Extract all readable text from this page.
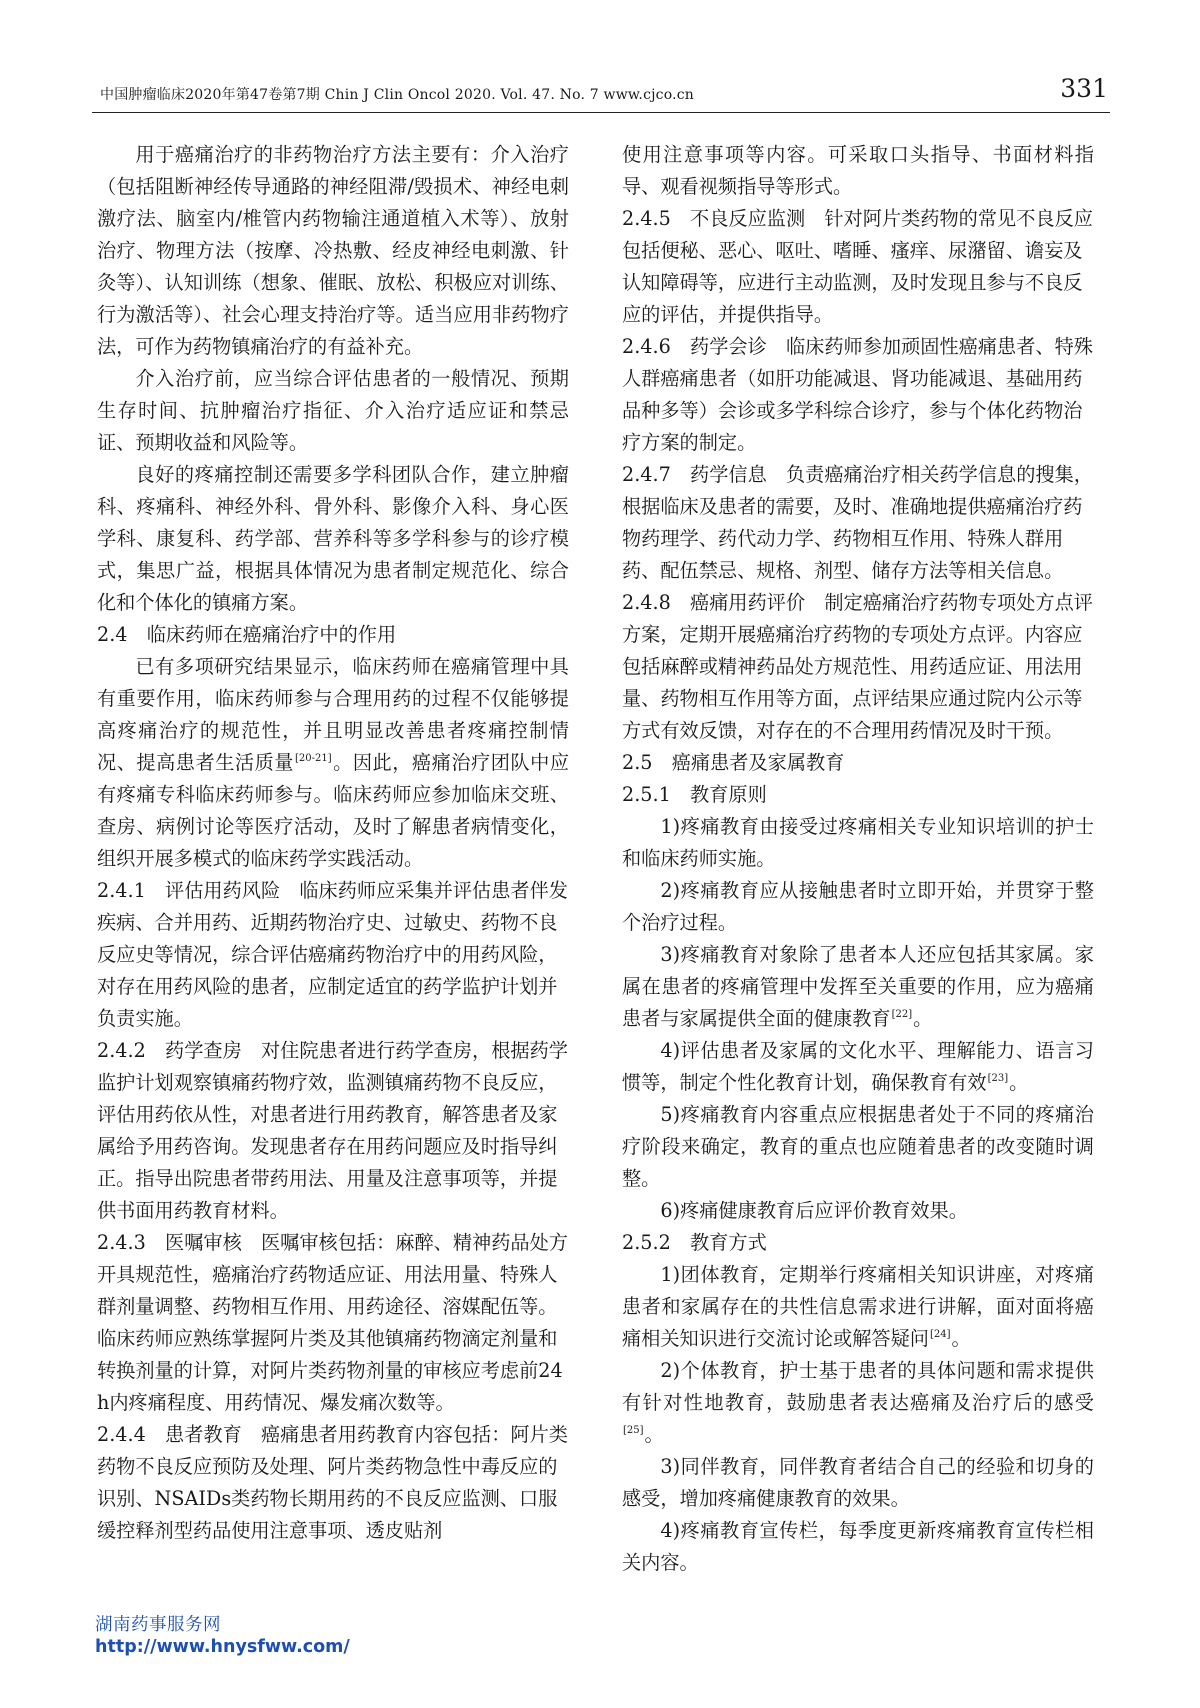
中国肿瘤临床2020年第47卷第7期 Chin J Clin Oncol 2020. Vol. 47. No. 7 www.cjco.cn	331

用于癌痛治疗的非药物治疗方法主要有：介入治疗（包括阻断神经传导通路的神经阻滞/毁损术、神经电刺激疗法、脑室内/椎管内药物输注通道植入术等）、放射治疗、物理方法（按摩、冷热敷、经皮神经电刺激、针灸等）、认知训练（想象、催眠、放松、积极应对训练、行为激活等）、社会心理支持治疗等。适当应用非药物疗法，可作为药物镇痛治疗的有益补充。

介入治疗前，应当综合评估患者的一般情况、预期生存时间、抗肿瘤治疗指征、介入治疗适应证和禁忌证、预期收益和风险等。

良好的疼痛控制还需要多学科团队合作，建立肿瘤科、疼痛科、神经外科、骨外科、影像介入科、身心医学科、康复科、药学部、营养科等多学科参与的诊疗模式，集思广益，根据具体情况为患者制定规范化、综合化和个体化的镇痛方案。

2.4 临床药师在癌痛治疗中的作用

已有多项研究结果显示，临床药师在癌痛管理中具有重要作用，临床药师参与合理用药的过程不仅能够提高疼痛治疗的规范性，并且明显改善患者疼痛控制情况、提高患者生活质量[20-21]。因此，癌痛治疗团队中应有疼痛专科临床药师参与。临床药师应参加临床交班、查房、病例讨论等医疗活动，及时了解患者病情变化，组织开展多模式的临床药学实践活动。

2.4.1 评估用药风险 临床药师应采集并评估患者伴发疾病、合并用药、近期药物治疗史、过敏史、药物不良反应史等情况，综合评估癌痛药物治疗中的用药风险，对存在用药风险的患者，应制定适宜的药学监护计划并负责实施。

2.4.2 药学查房 对住院患者进行药学查房，根据药学监护计划观察镇痛药物疗效，监测镇痛药物不良反应，评估用药依从性，对患者进行用药教育，解答患者及家属给予用药咨询。发现患者存在用药问题应及时指导纠正。指导出院患者带药用法、用量及注意事项等，并提供书面用药教育材料。

2.4.3 医嘱审核 医嘱审核包括：麻醉、精神药品处方开具规范性，癌痛治疗药物适应证、用法用量、特殊人群剂量调整、药物相互作用、用药途径、溶媒配伍等。临床药师应熟练掌握阿片类及其他镇痛药物滴定剂量和转换剂量的计算，对阿片类药物剂量的审核应考虑前24 h内疼痛程度、用药情况、爆发痛次数等。

2.4.4 患者教育 癌痛患者用药教育内容包括：阿片类药物不良反应预防及处理、阿片类药物急性中毒反应的识别、NSAIDs类药物长期用药的不良反应监测、口服缓控释剂型药品使用注意事项、透皮贴剂

使用注意事项等内容。可采取口头指导、书面材料指导、观看视频指导等形式。

2.4.5 不良反应监测 针对阿片类药物的常见不良反应包括便秘、恶心、呕吐、嗜睡、瘙痒、尿潴留、谵妄及认知障碍等，应进行主动监测，及时发现且参与不良反应的评估，并提供指导。

2.4.6 药学会诊 临床药师参加顽固性癌痛患者、特殊人群癌痛患者（如肝功能减退、肾功能减退、基础用药品种多等）会诊或多学科综合诊疗，参与个体化药物治疗方案的制定。

2.4.7 药学信息 负责癌痛治疗相关药学信息的搜集，根据临床及患者的需要，及时、准确地提供癌痛治疗药物药理学、药代动力学、药物相互作用、特殊人群用药、配伍禁忌、规格、剂型、储存方法等相关信息。

2.4.8 癌痛用药评价 制定癌痛治疗药物专项处方点评方案，定期开展癌痛治疗药物的专项处方点评。内容应包括麻醉或精神药品处方规范性、用药适应证、用法用量、药物相互作用等方面，点评结果应通过院内公示等方式有效反馈，对存在的不合理用药情况及时干预。

2.5 癌痛患者及家属教育

2.5.1 教育原则

1)疼痛教育由接受过疼痛相关专业知识培训的护士和临床药师实施。

2)疼痛教育应从接触患者时立即开始，并贯穿于整个治疗过程。

3)疼痛教育对象除了患者本人还应包括其家属。家属在患者的疼痛管理中发挥至关重要的作用，应为癌痛患者与家属提供全面的健康教育[22]。

4)评估患者及家属的文化水平、理解能力、语言习惯等，制定个性化教育计划，确保教育有效[23]。

5)疼痛教育内容重点应根据患者处于不同的疼痛治疗阶段来确定，教育的重点也应随着患者的改变随时调整。

6)疼痛健康教育后应评价教育效果。

2.5.2 教育方式

1)团体教育，定期举行疼痛相关知识讲座，对疼痛患者和家属存在的共性信息需求进行讲解，面对面将癌痛相关知识进行交流讨论或解答疑问[24]。

2)个体教育，护士基于患者的具体问题和需求提供有针对性地教育，鼓励患者表达癌痛及治疗后的感受[25]。

3)同伴教育，同伴教育者结合自己的经验和切身的感受，增加疼痛健康教育的效果。

4)疼痛教育宣传栏，每季度更新疼痛教育宣传栏相关内容。

湖南药事服务网
http://www.hnysfww.com/
